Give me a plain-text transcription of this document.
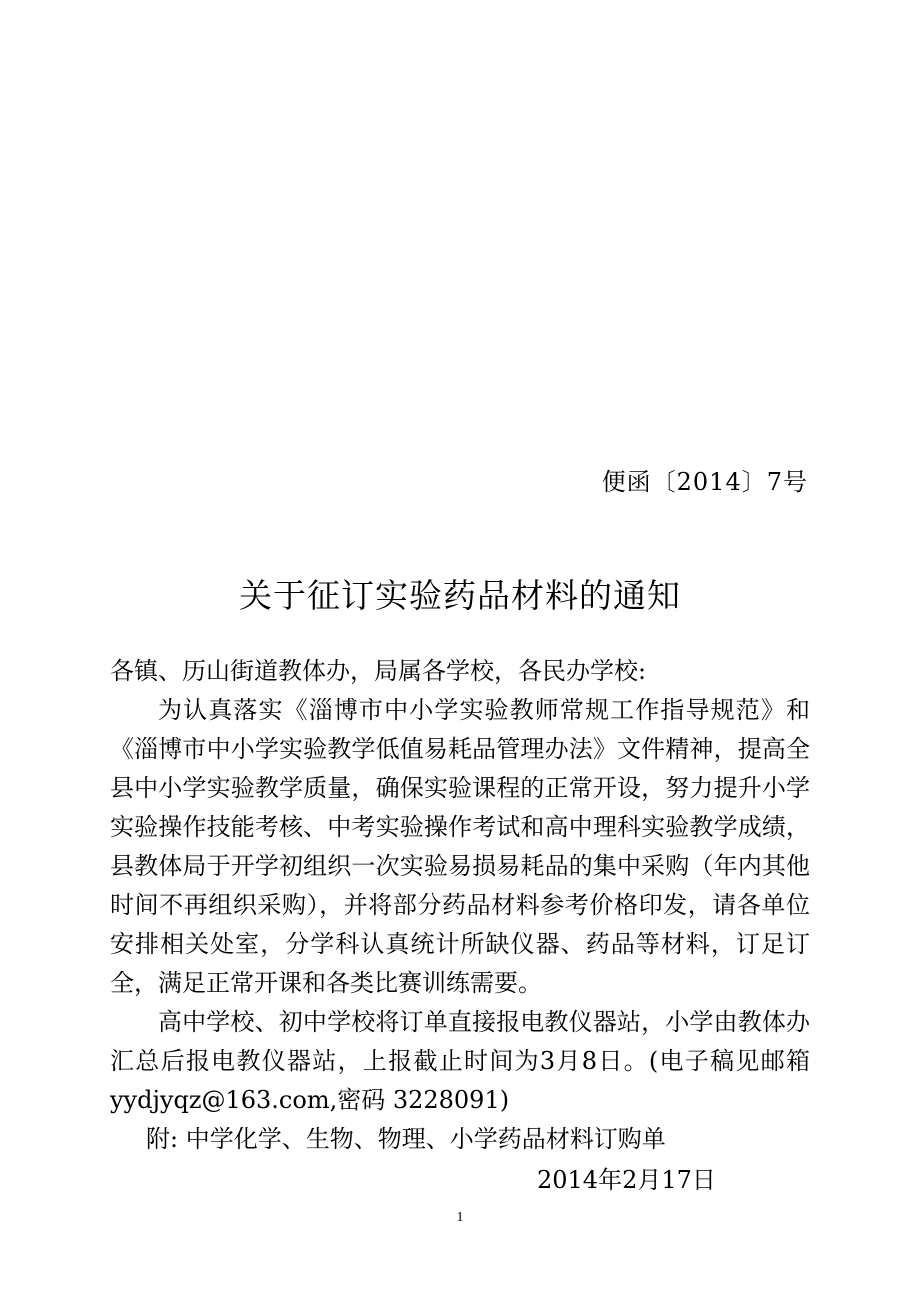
便函〔2014〕7号
关于征订实验药品材料的通知

各镇、历山街道教体办，局属各学校，各民办学校:

为认真落实《淄博市中小学实验教师常规工作指导规范》和《淄博市中小学实验教学低值易耗品管理办法》文件精神，提高全县中小学实验教学质量，确保实验课程的正常开设，努力提升小学实验操作技能考核、中考实验操作考试和高中理科实验教学成绩，县教体局于开学初组织一次实验易损易耗品的集中采购（年内其他时间不再组织采购），并将部分药品材料参考价格印发，请各单位安排相关处室，分学科认真统计所缺仪器、药品等材料，订足订全，满足正常开课和各类比赛训练需要。

高中学校、初中学校将订单直接报电教仪器站，小学由教体办汇总后报电教仪器站，上报截止时间为3月8日。(电子稿见邮箱 yydjyqz@163.com,密码 3228091)

附: 中学化学、生物、物理、小学药品材料订购单

2014年2月17日
1
